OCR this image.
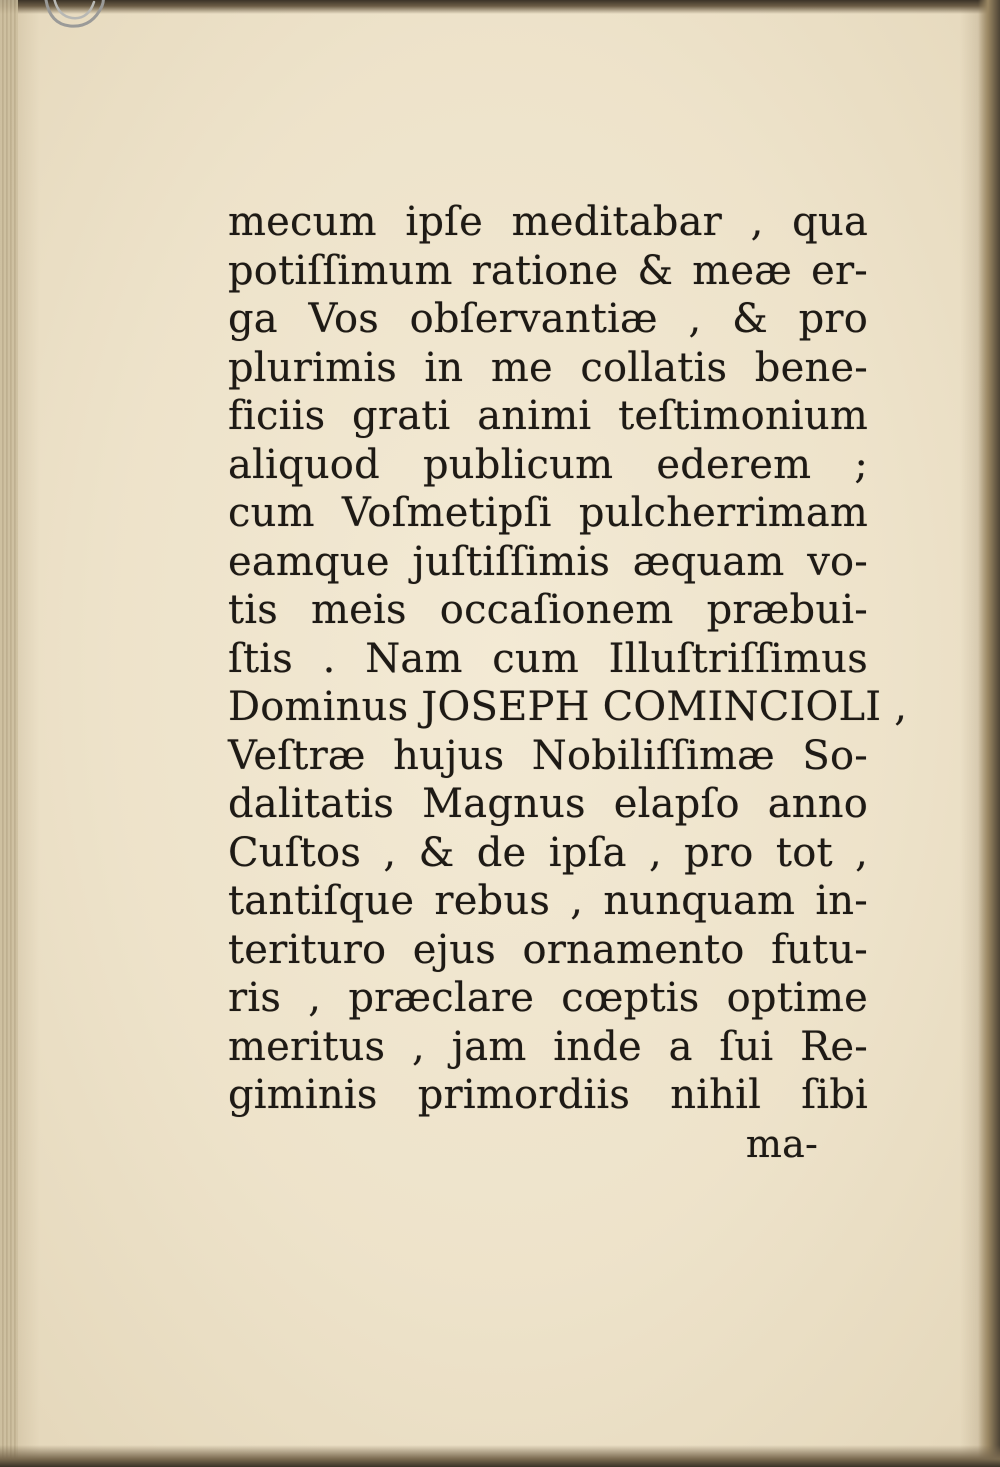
mecum ipſe meditabar , qua
potiſſimum ratione & meæ er-
ga Vos obſervantiæ , & pro
plurimis in me collatis bene-
ficiis grati animi teſtimonium
aliquod publicum ederem ;
cum Voſmetipſi pulcherrimam
eamque juſtiſſimis æquam vo-
tis meis occaſionem præbui-
ſtis . Nam cum Illuſtriſſimus
Dominus JOSEPH COMINCIOLI ,
Veſtræ hujus Nobiliſſimæ So-
dalitatis Magnus elapſo anno
Cuſtos , & de ipſa , pro tot ,
tantiſque rebus , nunquam in-
terituro ejus ornamento futu-
ris , præclare cœptis optime
meritus , jam inde a ſui Re-
giminis primordiis nihil ſibi
ma-
